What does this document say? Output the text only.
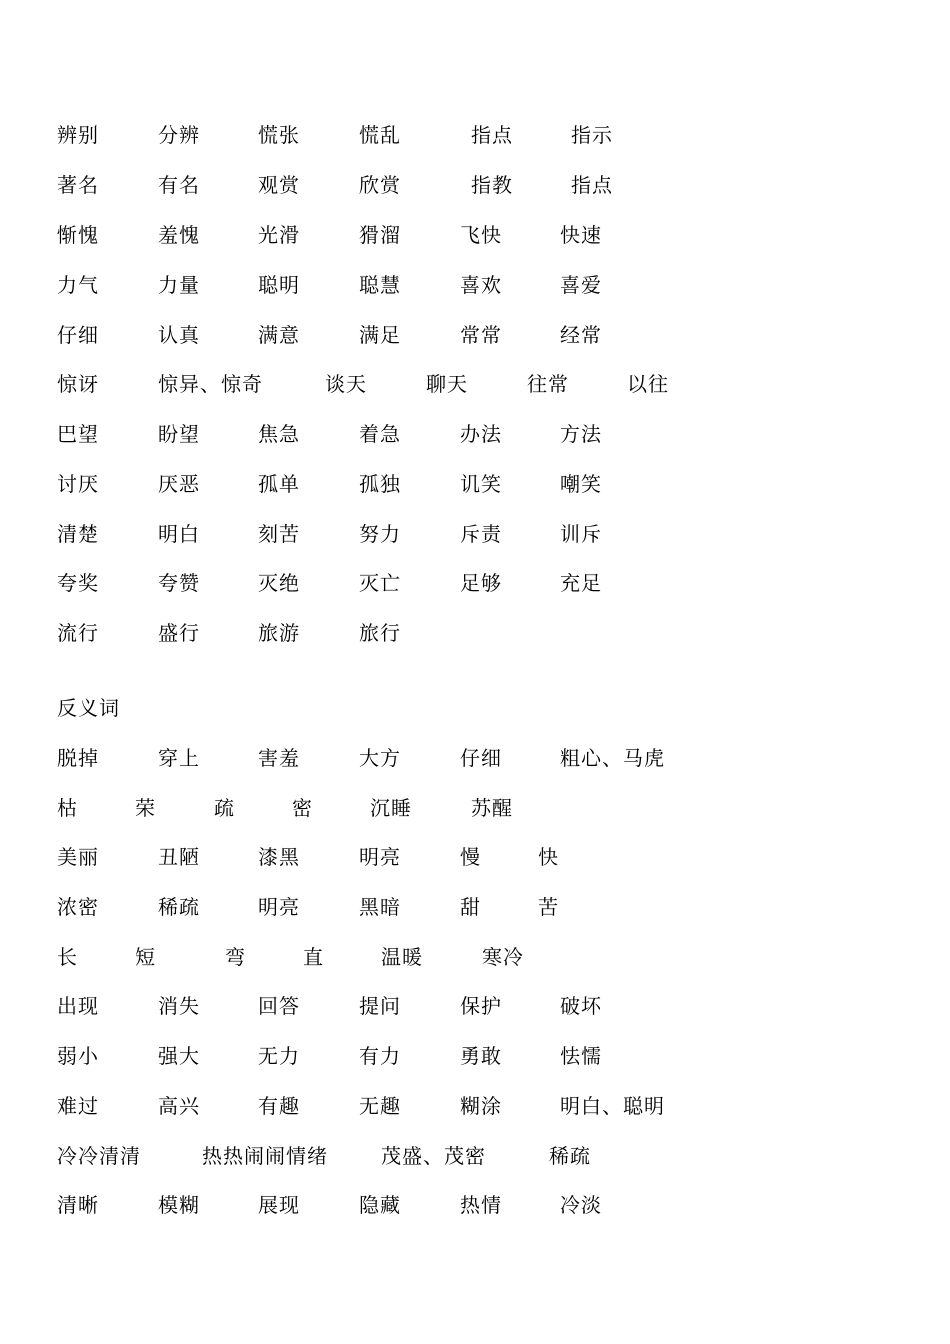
辨别	分辨	慌张	慌乱	指点	指示
著名	有名	观赏	欣赏	指教	指点
惭愧	羞愧	光滑	猾溜	飞快	快速
力气	力量	聪明	聪慧	喜欢	喜爱
仔细	认真	满意	满足	常常	经常
惊讶	惊异、惊奇	谈天	聊天	往常	以往
巴望	盼望	焦急	着急	办法	方法
讨厌	厌恶	孤单	孤独	讥笑	嘲笑
清楚	明白	刻苦	努力	斥责	训斥
夸奖	夸赞	灭绝	灭亡	足够	充足
流行	盛行	旅游	旅行
反义词
脱掉	穿上	害羞	大方	仔细	粗心、马虎
枯	荣	疏	密	沉睡	苏醒
美丽	丑陋	漆黑	明亮	慢	快
浓密	稀疏	明亮	黑暗	甜	苦
长	短	弯	直	温暖	寒冷
出现	消失	回答	提问	保护	破坏
弱小	强大	无力	有力	勇敢	怯懦
难过	高兴	有趣	无趣	糊涂	明白、聪明
冷冷清清	热热闹闹情绪	茂盛、茂密	稀疏
清晰	模糊	展现	隐藏	热情	冷淡
